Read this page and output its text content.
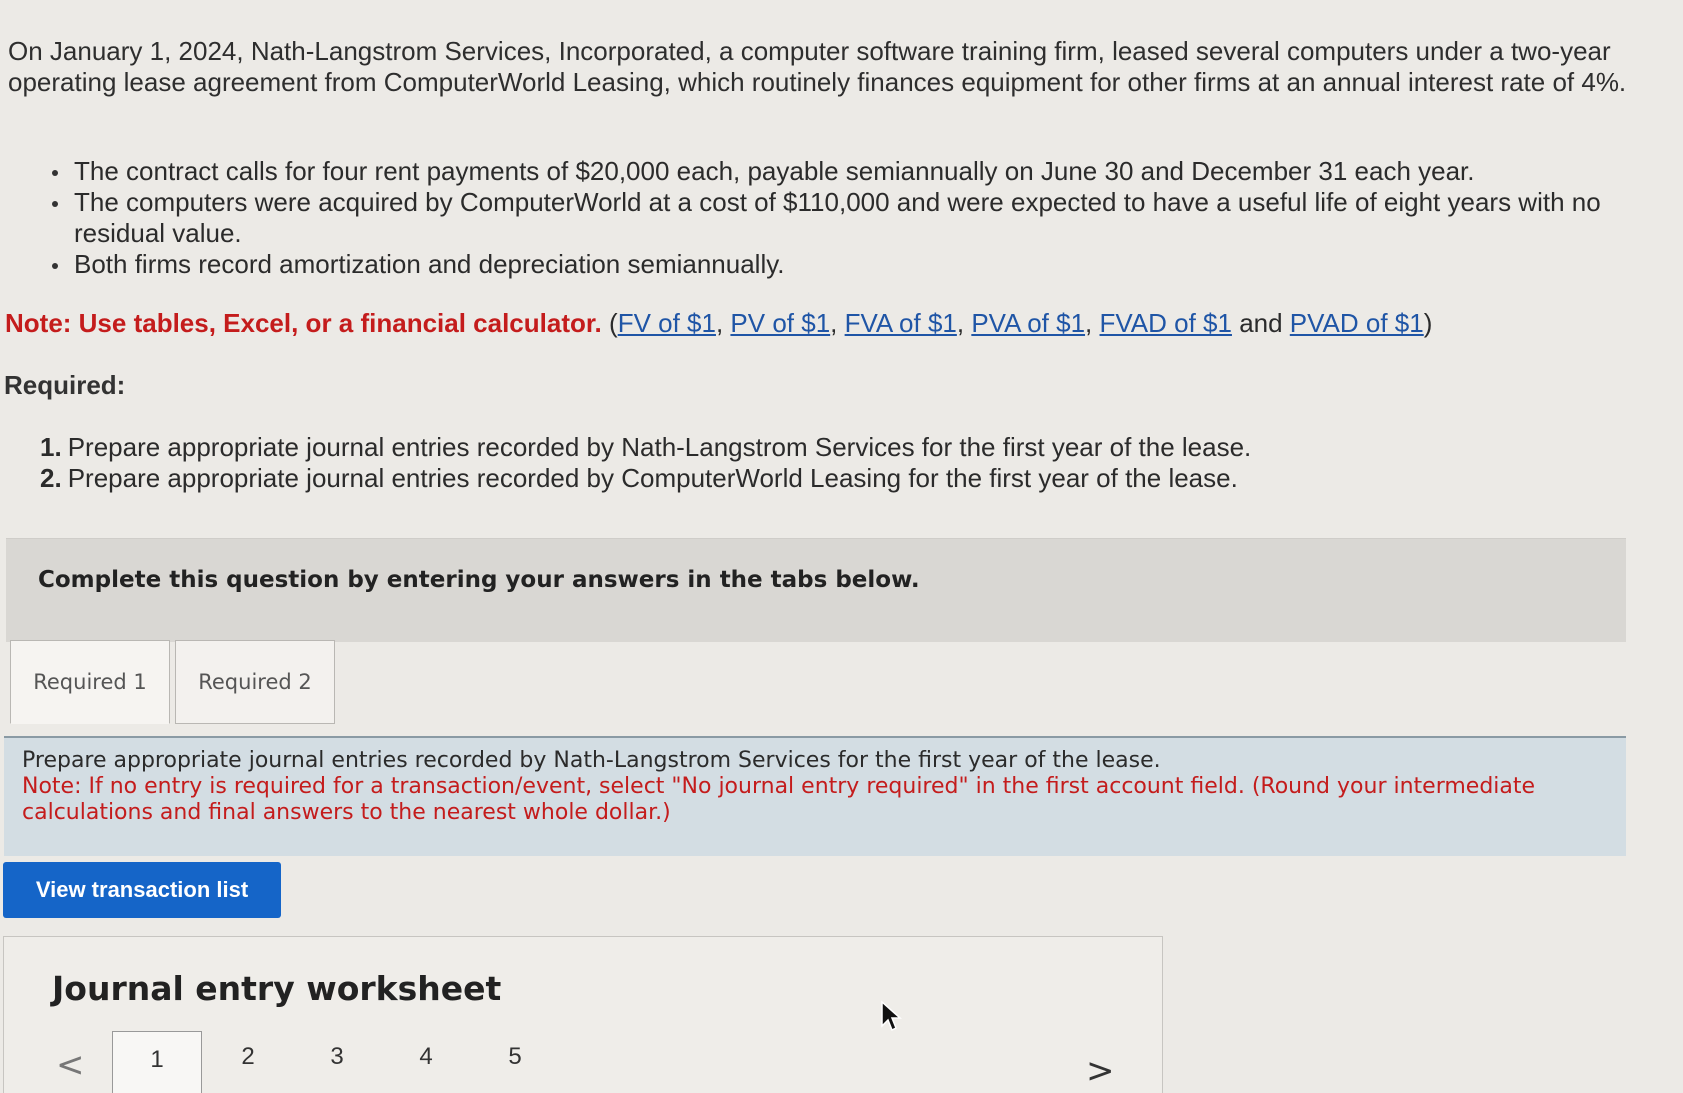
On January 1, 2024, Nath-Langstrom Services, Incorporated, a computer software training firm, leased several computers under a two-year operating lease agreement from ComputerWorld Leasing, which routinely finances equipment for other firms at an annual interest rate of 4%.
The contract calls for four rent payments of $20,000 each, payable semiannually on June 30 and December 31 each year.
The computers were acquired by ComputerWorld at a cost of $110,000 and were expected to have a useful life of eight years with no residual value.
Both firms record amortization and depreciation semiannually.
Note: Use tables, Excel, or a financial calculator. (FV of $1, PV of $1, FVA of $1, PVA of $1, FVAD of $1 and PVAD of $1)
Required:
1. Prepare appropriate journal entries recorded by Nath-Langstrom Services for the first year of the lease.
2. Prepare appropriate journal entries recorded by ComputerWorld Leasing for the first year of the lease.
Complete this question by entering your answers in the tabs below.
Required 1	Required 2
Prepare appropriate journal entries recorded by Nath-Langstrom Services for the first year of the lease.
Note: If no entry is required for a transaction/event, select "No journal entry required" in the first account field. (Round your intermediate calculations and final answers to the nearest whole dollar.)
View transaction list
Journal entry worksheet
<	1	2	3	4	5	>
